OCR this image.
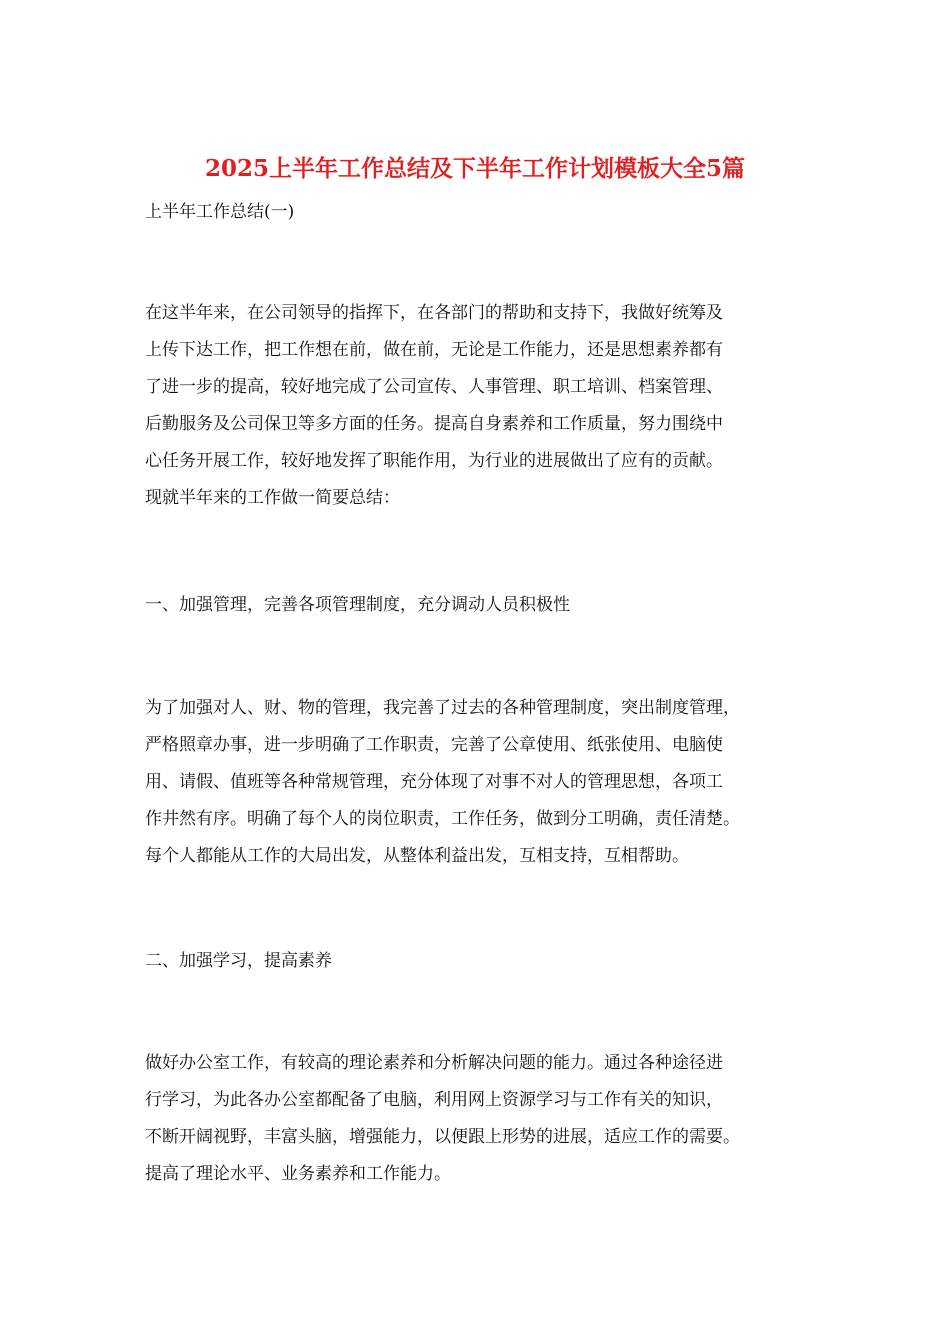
2025上半年工作总结及下半年工作计划模板大全5篇
上半年工作总结(一)
在这半年来，在公司领导的指挥下，在各部门的帮助和支持下，我做好统筹及
上传下达工作，把工作想在前，做在前，无论是工作能力，还是思想素养都有
了进一步的提高，较好地完成了公司宣传、人事管理、职工培训、档案管理、
后勤服务及公司保卫等多方面的任务。提高自身素养和工作质量，努力围绕中
心任务开展工作，较好地发挥了职能作用，为行业的进展做出了应有的贡献。
现就半年来的工作做一简要总结：
一、加强管理，完善各项管理制度，充分调动人员积极性
为了加强对人、财、物的管理，我完善了过去的各种管理制度，突出制度管理，
严格照章办事，进一步明确了工作职责，完善了公章使用、纸张使用、电脑使
用、请假、值班等各种常规管理，充分体现了对事不对人的管理思想，各项工
作井然有序。明确了每个人的岗位职责，工作任务，做到分工明确，责任清楚。
每个人都能从工作的大局出发，从整体利益出发，互相支持，互相帮助。
二、加强学习，提高素养
做好办公室工作，有较高的理论素养和分析解决问题的能力。通过各种途径进
行学习，为此各办公室都配备了电脑，利用网上资源学习与工作有关的知识，
不断开阔视野，丰富头脑，增强能力，以便跟上形势的进展，适应工作的需要。
提高了理论水平、业务素养和工作能力。
